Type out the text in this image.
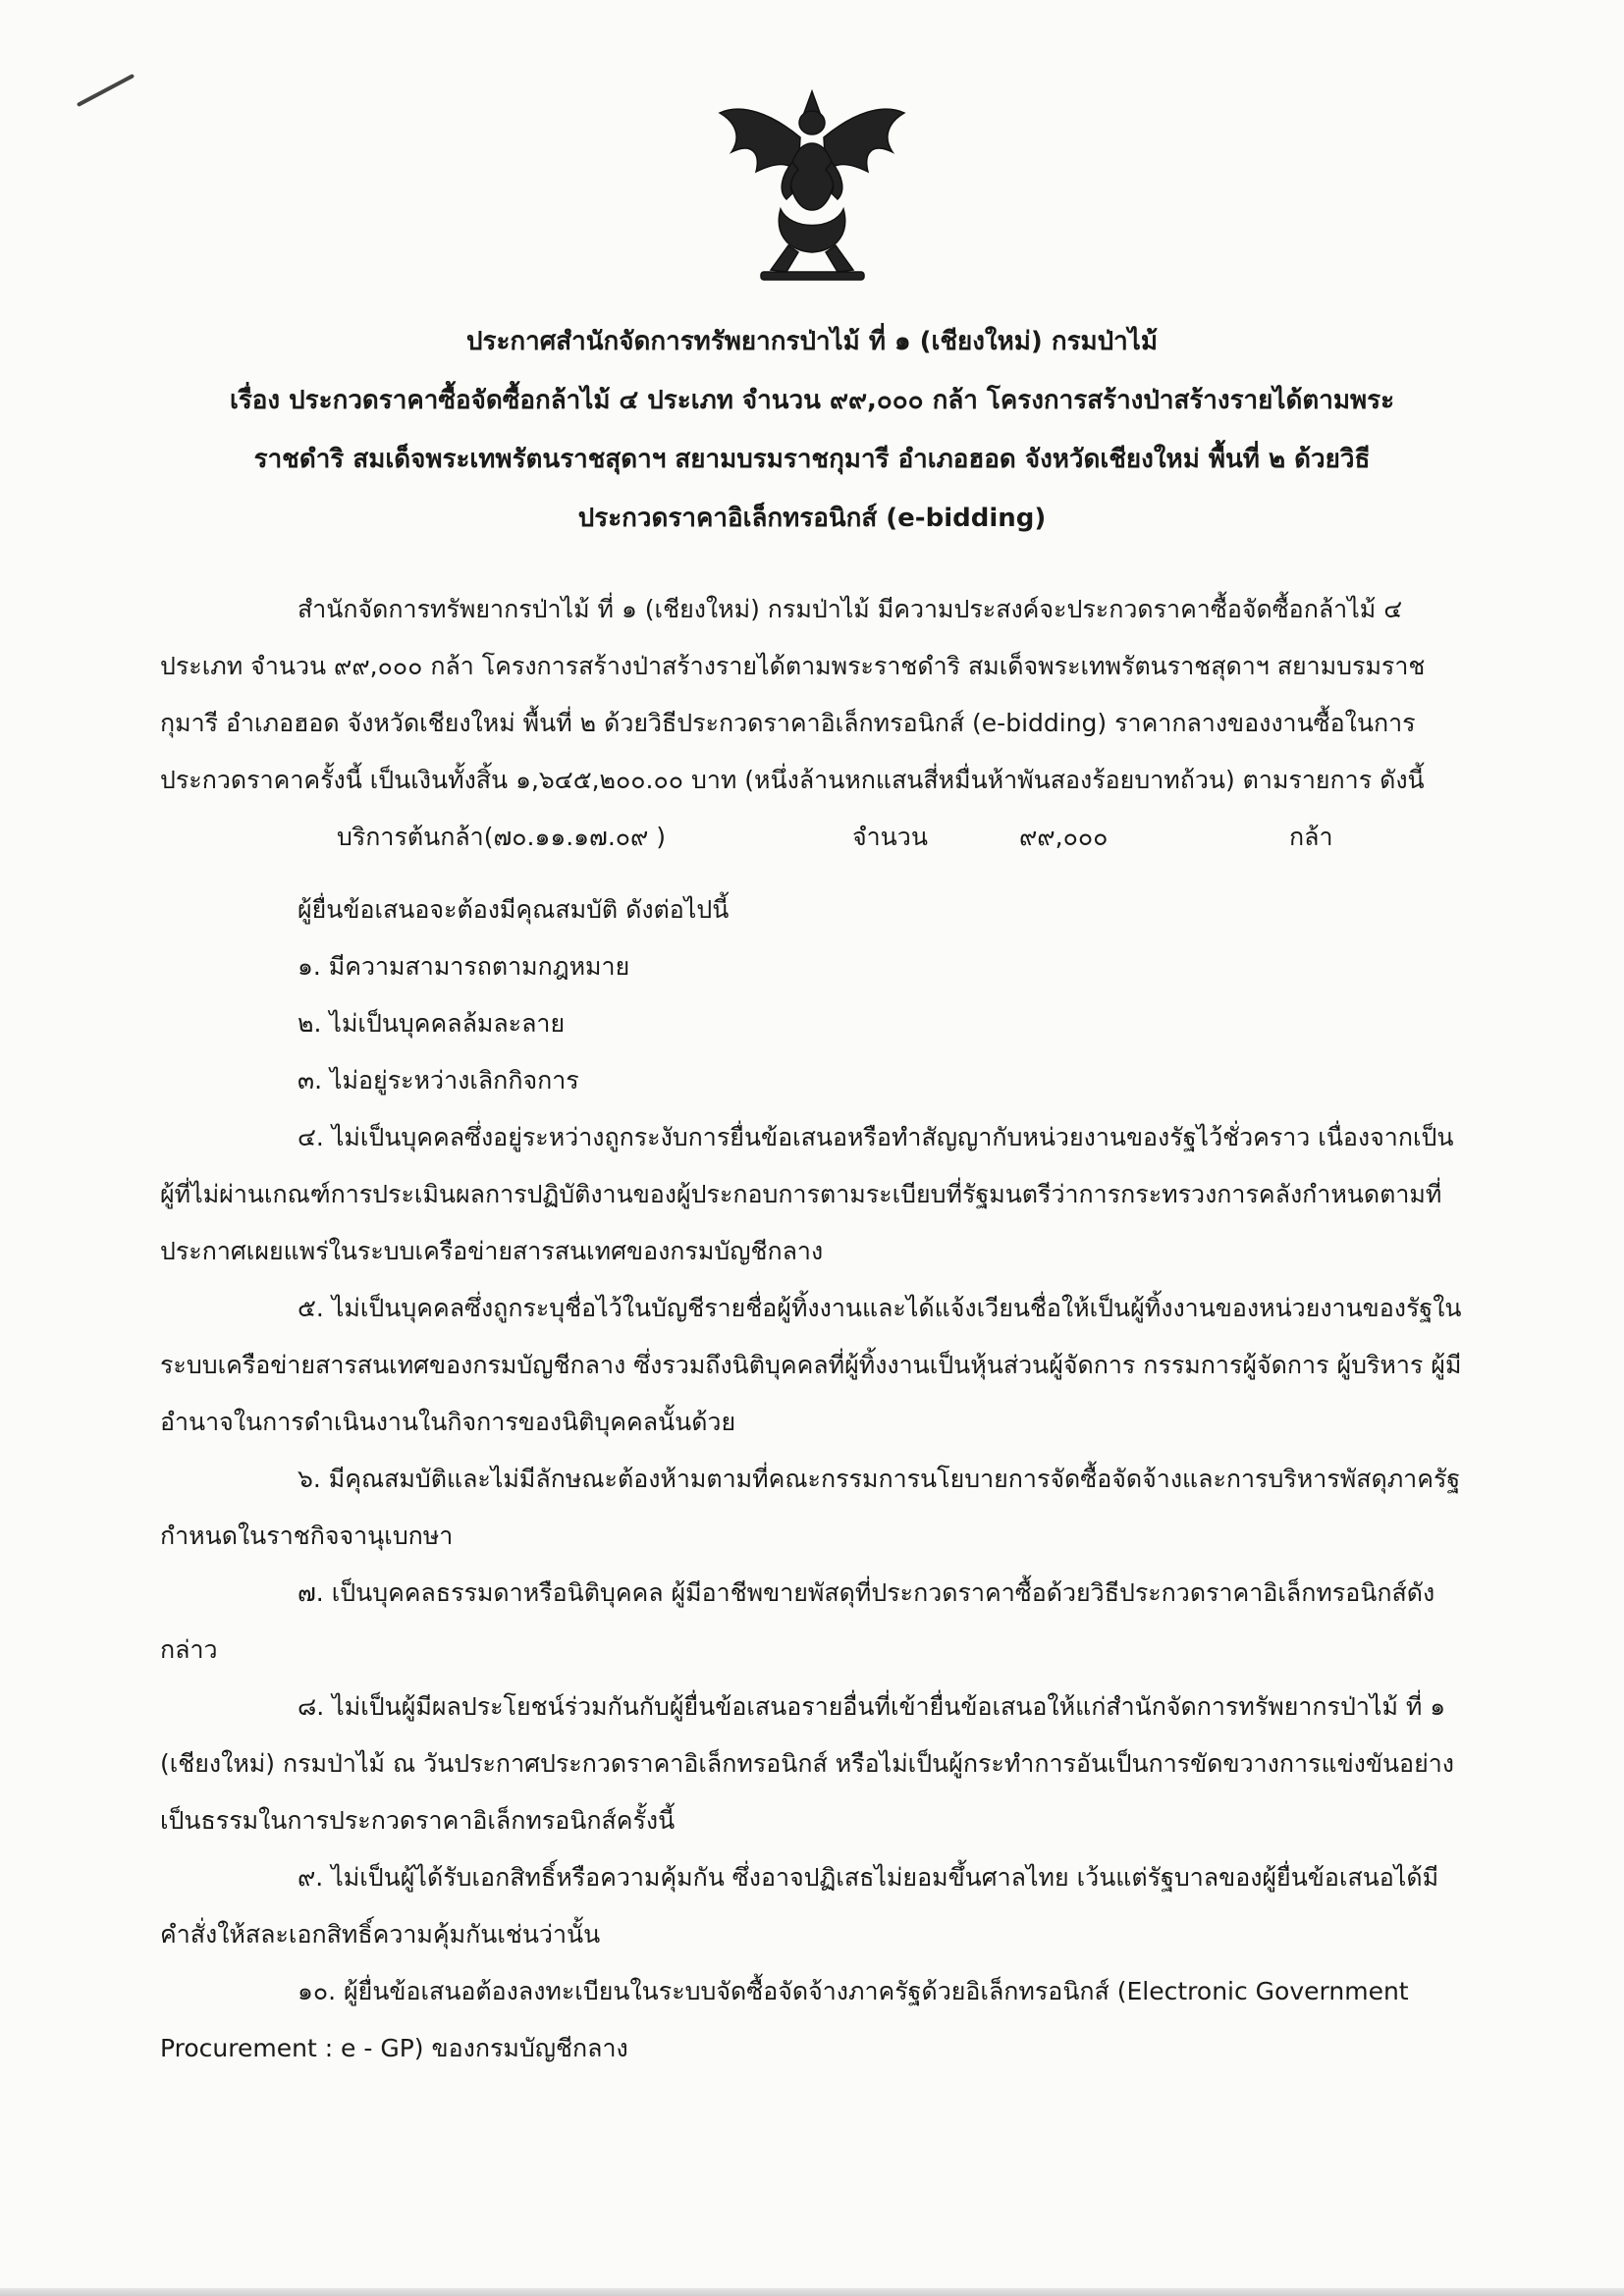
ประกาศสำนักจัดการทรัพยากรป่าไม้ ที่ ๑ (เชียงใหม่) กรมป่าไม้
เรื่อง ประกวดราคาซื้อจัดซื้อกล้าไม้ ๔ ประเภท จำนวน ๙๙,๐๐๐ กล้า โครงการสร้างป่าสร้างรายได้ตามพระ
ราชดำริ สมเด็จพระเทพรัตนราชสุดาฯ สยามบรมราชกุมารี อำเภอฮอด จังหวัดเชียงใหม่ พื้นที่ ๒ ด้วยวิธี
ประกวดราคาอิเล็กทรอนิกส์ (e-bidding)

สำนักจัดการทรัพยากรป่าไม้ ที่ ๑ (เชียงใหม่) กรมป่าไม้ มีความประสงค์จะประกวดราคาซื้อจัดซื้อกล้าไม้ ๔ ประเภท จำนวน ๙๙,๐๐๐ กล้า โครงการสร้างป่าสร้างรายได้ตามพระราชดำริ สมเด็จพระเทพรัตนราชสุดาฯ สยามบรมราชกุมารี อำเภอฮอด จังหวัดเชียงใหม่ พื้นที่ ๒ ด้วยวิธีประกวดราคาอิเล็กทรอนิกส์ (e-bidding) ราคากลางของงานซื้อในการประกวดราคาครั้งนี้ เป็นเงินทั้งสิ้น ๑,๖๔๕,๒๐๐.๐๐ บาท (หนึ่งล้านหกแสนสี่หมื่นห้าพันสองร้อยบาทถ้วน) ตามรายการ ดังนี้

บริการต้นกล้า(๗๐.๑๑.๑๗.๐๙ )	จำนวน	๙๙,๐๐๐	กล้า
ผู้ยื่นข้อเสนอจะต้องมีคุณสมบัติ ดังต่อไปนี้
๑. มีความสามารถตามกฎหมาย
๒. ไม่เป็นบุคคลล้มละลาย
๓. ไม่อยู่ระหว่างเลิกกิจการ

๔. ไม่เป็นบุคคลซึ่งอยู่ระหว่างถูกระงับการยื่นข้อเสนอหรือทำสัญญากับหน่วยงานของรัฐไว้ชั่วคราว เนื่องจากเป็นผู้ที่ไม่ผ่านเกณฑ์การประเมินผลการปฏิบัติงานของผู้ประกอบการตามระเบียบที่รัฐมนตรีว่าการกระทรวงการคลังกำหนดตามที่ประกาศเผยแพร่ในระบบเครือข่ายสารสนเทศของกรมบัญชีกลาง

๕. ไม่เป็นบุคคลซึ่งถูกระบุชื่อไว้ในบัญชีรายชื่อผู้ทิ้งงานและได้แจ้งเวียนชื่อให้เป็นผู้ทิ้งงานของหน่วยงานของรัฐในระบบเครือข่ายสารสนเทศของกรมบัญชีกลาง ซึ่งรวมถึงนิติบุคคลที่ผู้ทิ้งงานเป็นหุ้นส่วนผู้จัดการ กรรมการผู้จัดการ ผู้บริหาร ผู้มีอำนาจในการดำเนินงานในกิจการของนิติบุคคลนั้นด้วย

๖. มีคุณสมบัติและไม่มีลักษณะต้องห้ามตามที่คณะกรรมการนโยบายการจัดซื้อจัดจ้างและการบริหารพัสดุภาครัฐกำหนดในราชกิจจานุเบกษา

๗. เป็นบุคคลธรรมดาหรือนิติบุคคล ผู้มีอาชีพขายพัสดุที่ประกวดราคาซื้อด้วยวิธีประกวดราคาอิเล็กทรอนิกส์ดังกล่าว

๘. ไม่เป็นผู้มีผลประโยชน์ร่วมกันกับผู้ยื่นข้อเสนอรายอื่นที่เข้ายื่นข้อเสนอให้แก่สำนักจัดการทรัพยากรป่าไม้ ที่ ๑ (เชียงใหม่) กรมป่าไม้ ณ วันประกาศประกวดราคาอิเล็กทรอนิกส์ หรือไม่เป็นผู้กระทำการอันเป็นการขัดขวางการแข่งขันอย่างเป็นธรรมในการประกวดราคาอิเล็กทรอนิกส์ครั้งนี้

๙. ไม่เป็นผู้ได้รับเอกสิทธิ์หรือความคุ้มกัน ซึ่งอาจปฏิเสธไม่ยอมขึ้นศาลไทย เว้นแต่รัฐบาลของผู้ยื่นข้อเสนอได้มีคำสั่งให้สละเอกสิทธิ์ความคุ้มกันเช่นว่านั้น

๑๐. ผู้ยื่นข้อเสนอต้องลงทะเบียนในระบบจัดซื้อจัดจ้างภาครัฐด้วยอิเล็กทรอนิกส์ (Electronic Government Procurement : e - GP) ของกรมบัญชีกลาง
